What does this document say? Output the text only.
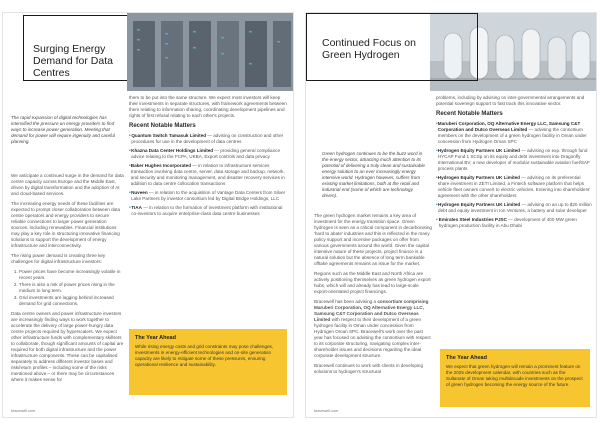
Surging Energy Demand for Data Centres
The rapid expansion of digital technologies has intensified the pressure on energy providers to find ways to increase power generation. Meeting that demand for power will require ingenuity and careful planning.

We anticipate a continued surge in the demand for data centre capacity across Europe and the Middle East, driven by digital transformation and the adoption of AI and cloud-based services.

The increasing energy needs of these facilities are expected to prompt closer collaboration between data centre operators and energy providers to secure reliable connections to larger power generation sources, including renewables. Financial institutions may play a key role in structuring innovative financing solutions to support the development of energy infrastructure and interconnectivity.

The rising power demand is creating three key challenges for digital infrastructure investors:

1. Power prices have become increasingly volatile in recent years.
2. There is also a risk of power prices rising in the medium to long term.
3. Grid investments are lagging behind increased demand for grid connections.

Data centre owners and power infrastructure investors are increasingly finding ways to work together to accelerate the delivery of large power-hungry data centre projects required by hyperscalers. We expect other infrastructure funds with complementary skillsets to collaborate, though significant amounts of capital are required for both digital infrastructure and the power infrastructure components. These can be capitalised separately to address different investor bases and risk/return profiles – including some of the risks mentioned above – or there may be circumstances where it makes sense for

them to be put into the same structure. We expect most investors will keep their investments in separate structures, with framework agreements between them relating to information sharing, coordinating development pipelines and rights of first refusal relating to each other's projects.

Recent Notable Matters
• Quantum Switch Tamasuk Limited — advising on construction and other procedures for use in the development of data centres
• Khazna Data Center Holdings Limited — providing general compliance advice relating to the FCPA, UKBA, Export controls and data privacy
• Baker Hughes Incorporated — in relation to infrastructure services transaction involving data centre, server, data storage and backup, network, and security and monitoring management, and disaster recovery services in addition to data centre collocation transactions
• Nuveen — in relation to the acquisition of Vantage Data Centers from Silver Lake Partners by investor consortium led by Digital Bridge Holdings, LLC
• TIAA — in relation to the formation of investment platform with institutional co-investors to acquire enterprise-class data centre businesses
The Year Ahead
While rising energy costs and grid constraints may pose challenges, investments in energy-efficient technologies and on-site generation capacity are likely to mitigate some of these pressures, ensuring operational resilience and sustainability.
bracewell.com
Continued Focus on Green Hydrogen
Green hydrogen continues to be the buzz word in the energy sector, attracting much attention to its potential of delivering a truly clean and sustainable energy solution to an ever increasingly energy intensive world. Hydrogen however, suffers from existing market limitations, both at the retail and industrial end (some of which are technology driven).

The green hydrogen market remains a key area of investment for the energy transition space. Green hydrogen is seen as a critical component in decarbonising 'hard to abate' industries and this is reflected in the many policy support and incentive packages on offer from various governments around the world. Given the capital intensive nature of these projects, project finance is a natural solution but the absence of long term bankable offtake agreements remains an issue for the market.

Regions such as the Middle East and North Africa are actively positioning themselves as green hydrogen export hubs, which will and already has lead to large-scale export-orientated project financings.

Bracewell has been advising a consortium comprising Maruberi Corporation, OQ Alternative Energy LLC, Samsung C&T Corporation and Dutco Overseas Limited with respect to their development of a green hydrogen facility in Oman under concession from Hydrogen Oman SPC. Bracewell's work over the past year has focused on advising the consortium with respect to its corporate structuring, navigating complex inter-shareholder issues and decisions regarding the ideal corporate development structure.

Bracewell continues to work with clients in developing solutions to hydrogen's structural

problems, including by advising on inter-governmental arrangements and potential sovereign support to fast track this innovative sector.

Recent Notable Matters
• Maruberi Corporation, OQ Alternative Energy LLC, Samsung C&T Corporation and Dutco Overseas Limited — advising the consortium members on the development of a green hydrogen facility in Oman under concession from Hydrogen Oman SPC
• Hydrogen Equity Partners UK Limited — advising on exp. through fund HYCAP Fund 1 SCSp on its equity and debt investment into Dragonfly International BV, a new developer of modular sustainable aviation fuel/SAF process plants
• Hydrogen Equity Partners UK Limited — advising on its preferential share investment in ZETI Limited, a Fintech software platform that helps vehicle fleet owners convert to electric vehicles. Entering into shareholders' agreement with the other shareholders
• Hydrogen Equity Partners UK Limited — advising on an up to $20 million debt and equity investment in Ion Ventures, a battery and solar developer
• Emirates Steel Industries PJSC — development of 400 MW green hydrogen production facility in Abu Dhabi
The Year Ahead
We expect that green hydrogen will remain a prominent feature on the 2025 development calendar, with countries such as the Sultanate of Oman taking multidecade investments on the prospect of green hydrogen becoming the energy source of the future.
bracewell.com
